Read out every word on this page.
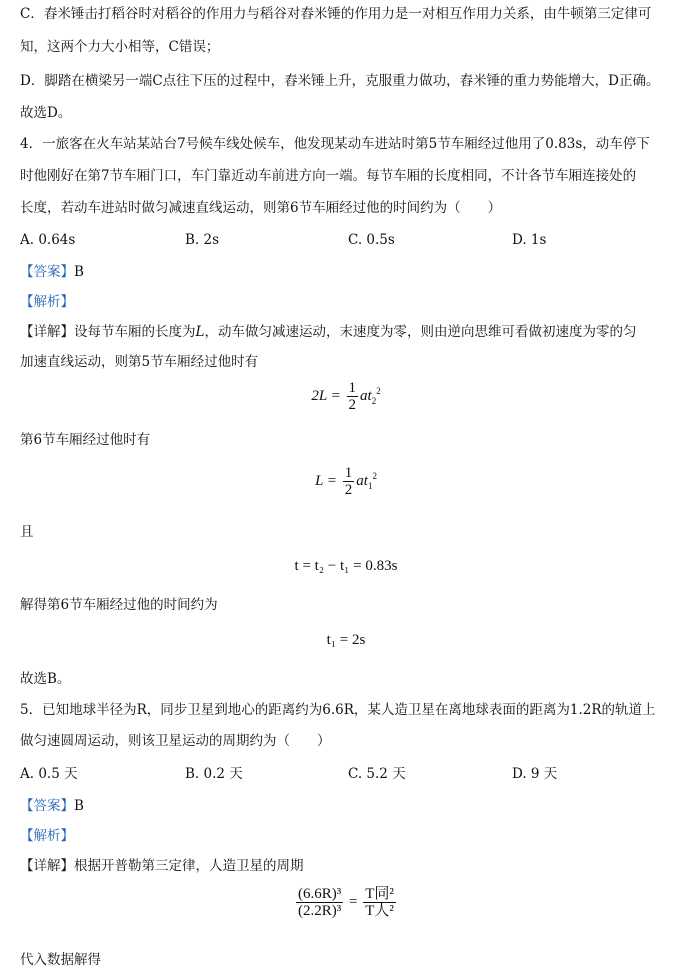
C．舂米锤击打稻谷时对稻谷的作用力与稻谷对舂米锤的作用力是一对相互作用力关系，由牛顿第三定律可
知，这两个力大小相等，C错误；
D．脚踏在横梁另一端C点往下压的过程中，舂米锤上升，克服重力做功，舂米锤的重力势能增大，D正确。
故选D。
4．一旅客在火车站某站台7号候车线处候车，他发现某动车进站时第5节车厢经过他用了0.83s，动车停下
时他刚好在第7节车厢门口，车门靠近动车前进方向一端。每节车厢的长度相同，不计各节车厢连接处的
长度，若动车进站时做匀减速直线运动，则第6节车厢经过他的时间约为（　　）
A. 0.64s	B. 2s	C. 0.5s	D. 1s
【答案】B
【解析】
【详解】设每节车厢的长度为L，动车做匀减速运动，末速度为零，则由逆向思维可看做初速度为零的匀
加速直线运动，则第5节车厢经过他时有
$2L = \frac{1}{2} at_2^2$
第6节车厢经过他时有
$L = \frac{1}{2} at_1^2$
且
t = t₂ − t₁ = 0.83s
解得第6节车厢经过他的时间约为
t₁ = 2s
故选B。
5．已知地球半径为R，同步卫星到地心的距离约为6.6R，某人造卫星在离地球表面的距离为1.2R的轨道上
做匀速圆周运动，则该卫星运动的周期约为（　　）
A. 0.5 天	B. 0.2 天	C. 5.2 天	D. 9 天
【答案】B
【解析】
【详解】根据开普勒第三定律，人造卫星的周期
$\frac{\text{(6.6R)³}}{\text{(2.2R)³}} = \frac{\text{T同²}}{\text{T人²}}$
代入数据解得
